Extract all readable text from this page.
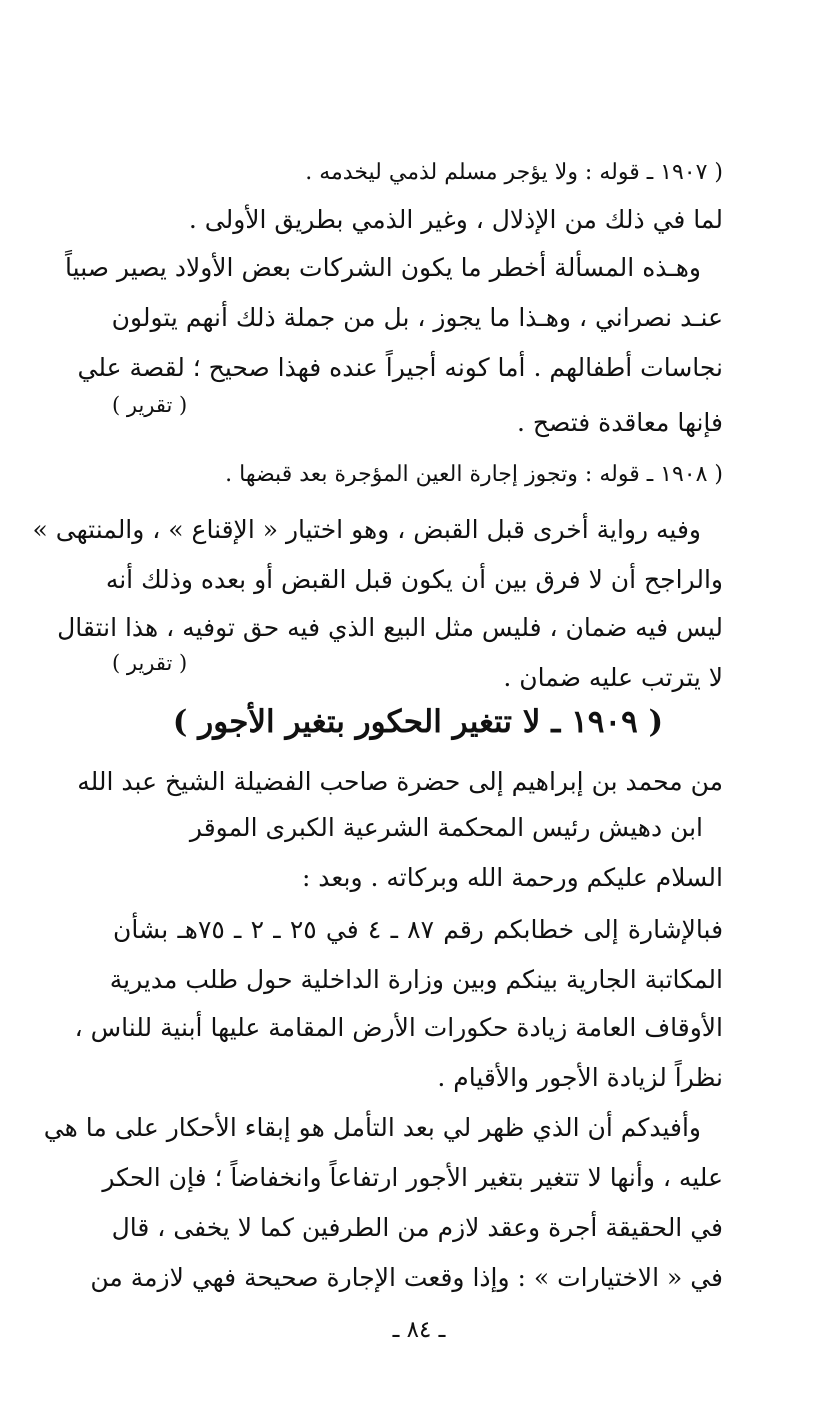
( ١٩٠٧ ـ قوله : ولا يؤجر مسلم لذمي ليخدمه .
لما في ذلك من الإذلال ، وغير الذمي بطريق الأولى .
وهـذه المسألة أخطر ما يكون الشركات بعض الأولاد يصير صبياً
عنـد نصراني ، وهـذا ما يجوز ، بل من جملة ذلك أنهم يتولون
نجاسات أطفالهم . أما كونه أجيراً عنده فهذا صحيح ؛ لقصة علي
( تقرير )
فإنها معاقدة فتصح .
( ١٩٠٨ ـ قوله : وتجوز إجارة العين المؤجرة بعد قبضها .
وفيه رواية أخرى قبل القبض ، وهو اختيار « الإقناع » ، والمنتهى »
والراجح أن لا فرق بين أن يكون قبل القبض أو بعده وذلك أنه
ليس فيه ضمان ، فليس مثل البيع الذي فيه حق توفيه ، هذا انتقال
( تقرير )	لا يترتب عليه ضمان .
( ١٩٠٩ ـ لا تتغير الحكور بتغير الأجور )
من محمد بن إبراهيم إلى حضرة صاحب الفضيلة الشيخ عبد الله
ابن دهيش رئيس المحكمة الشرعية الكبرى الموقر
السلام عليكم ورحمة الله وبركاته . وبعد :
فبالإشارة إلى خطابكم رقم ٨٧ ـ ٤ في ٢٥ ـ ٢ ـ ٧٥هـ بشأن
المكاتبة الجارية بينكم وبين وزارة الداخلية حول طلب مديرية
الأوقاف العامة زيادة حكورات الأرض المقامة عليها أبنية للناس ،
نظراً لزيادة الأجور والأقيام .
وأفيدكم أن الذي ظهر لي بعد التأمل هو إبقاء الأحكار على ما هي
عليه ، وأنها لا تتغير بتغير الأجور ارتفاعاً وانخفاضاً ؛ فإن الحكر
في الحقيقة أجرة وعقد لازم من الطرفين كما لا يخفى ، قال
في « الاختيارات » : وإذا وقعت الإجارة صحيحة فهي لازمة من
ـ ٨٤ ـ
